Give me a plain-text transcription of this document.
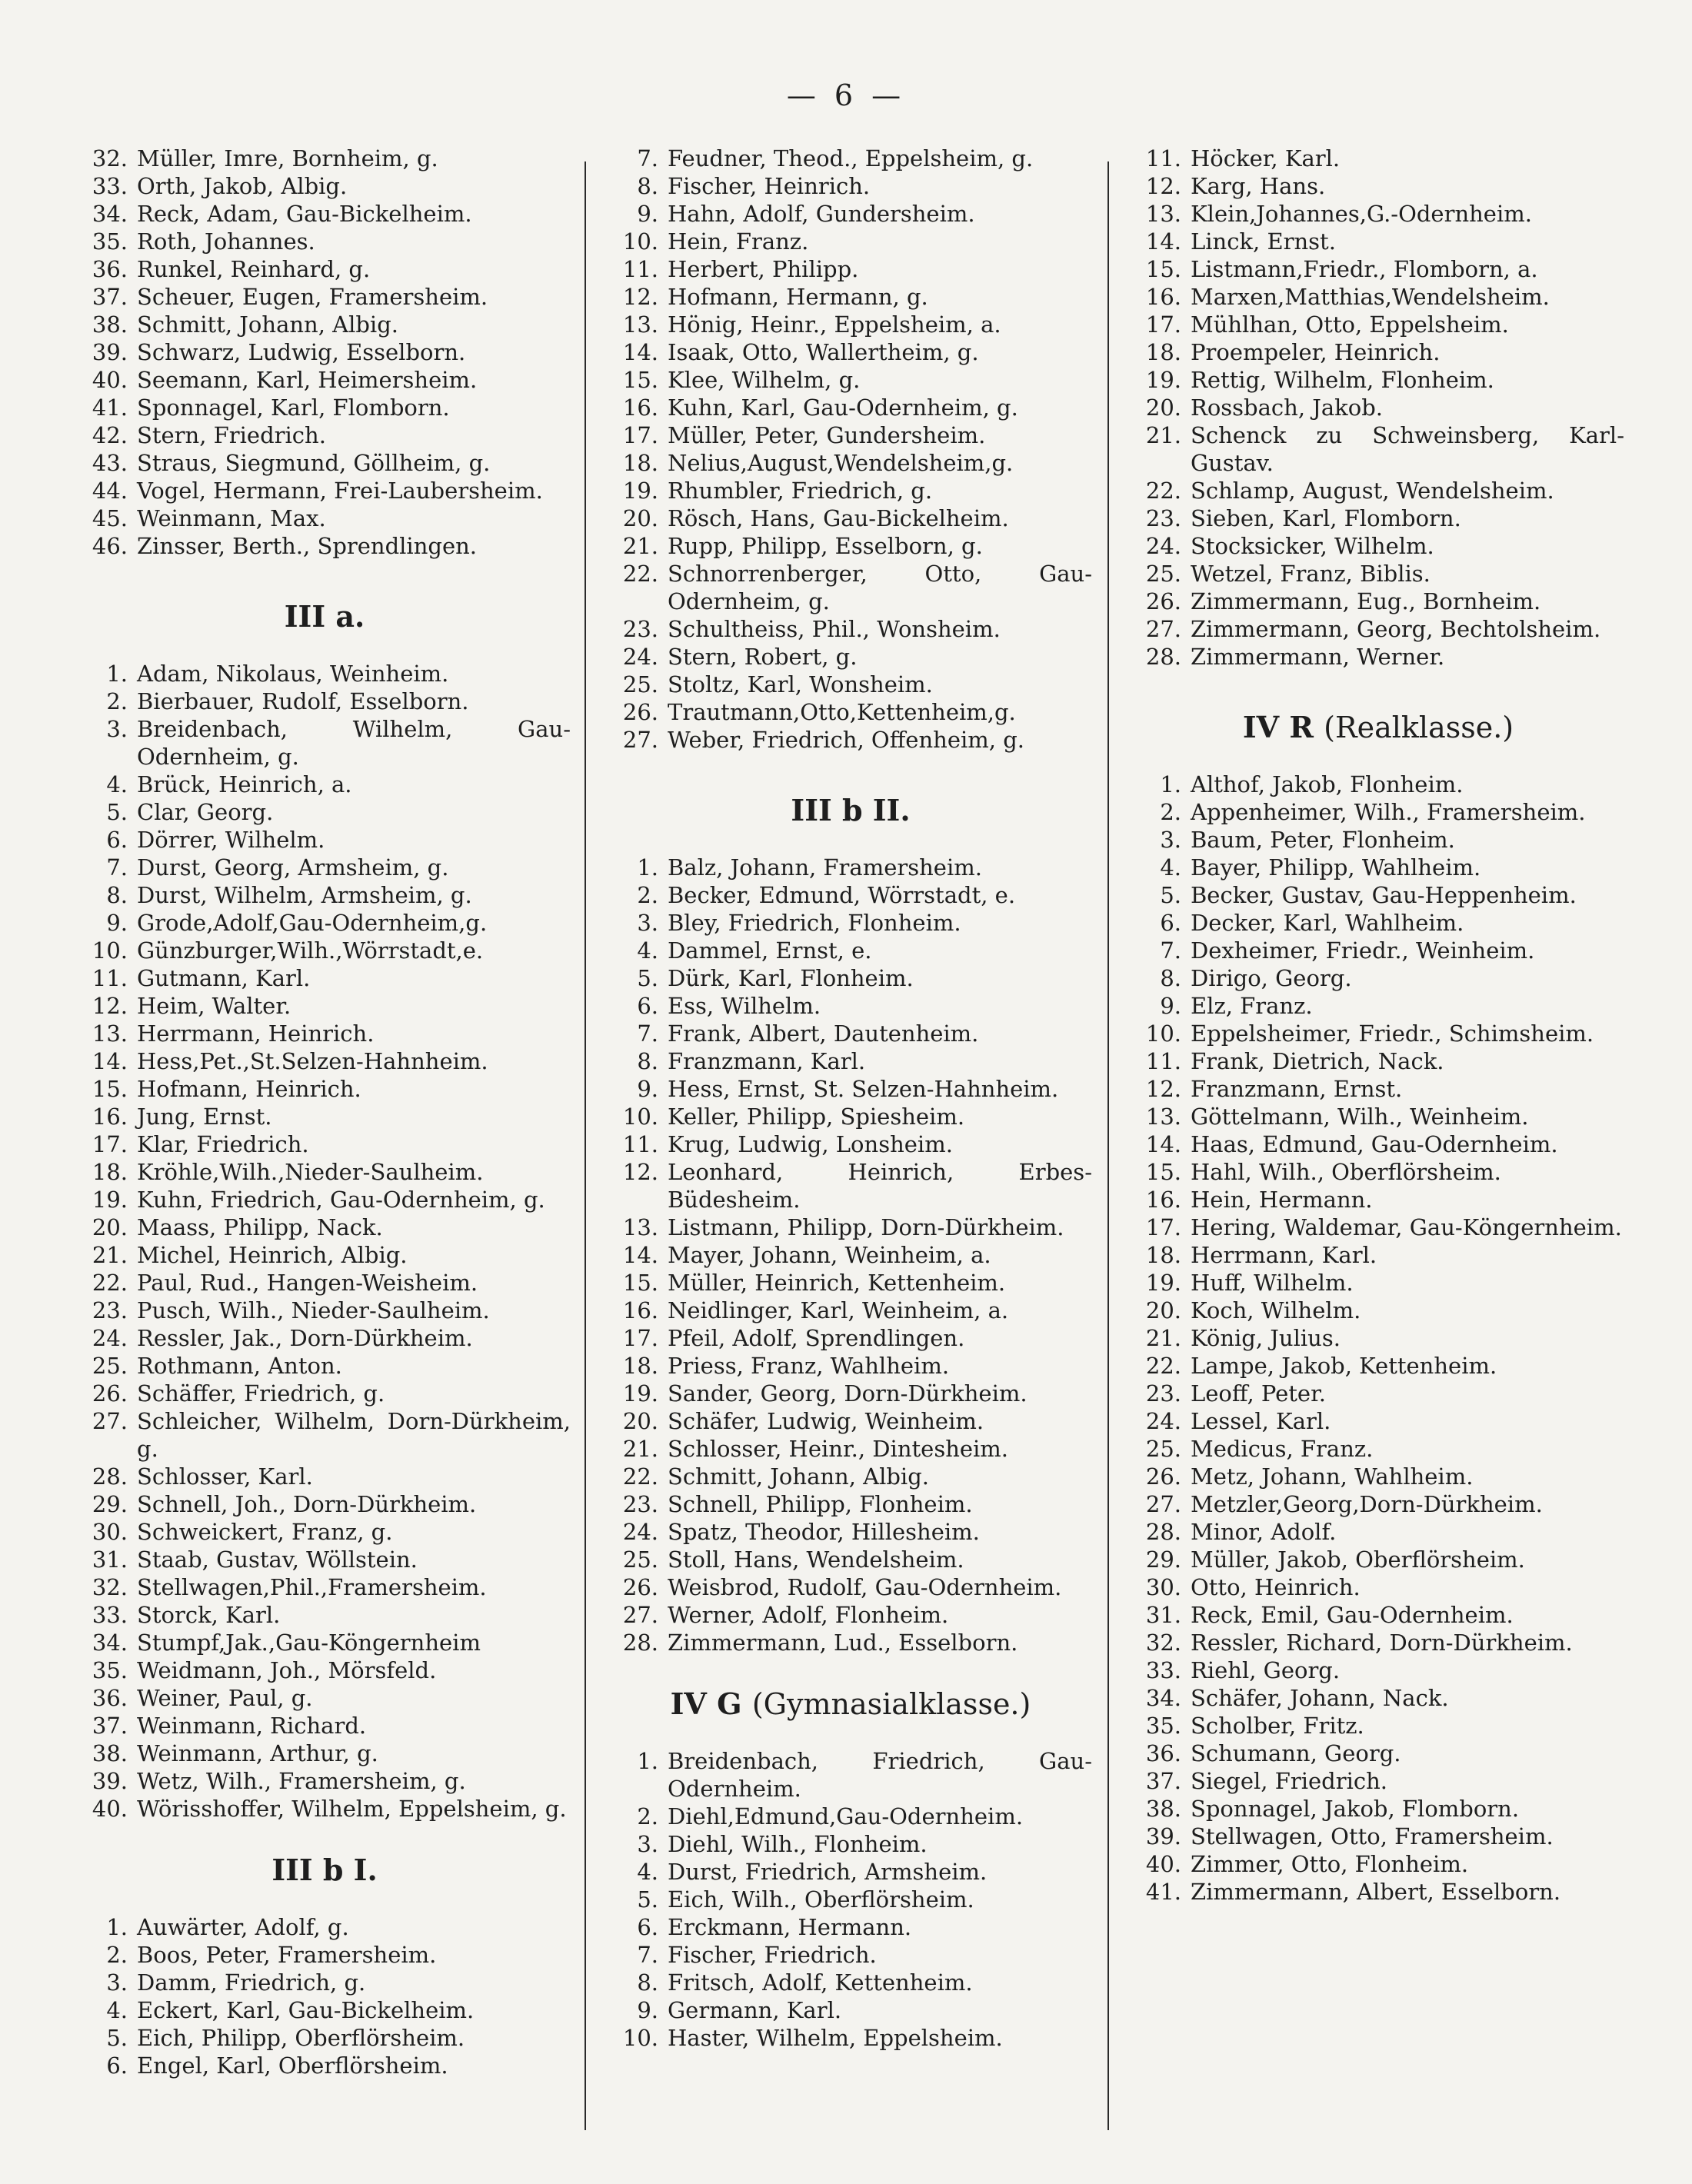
— 6 —
32. Müller, Imre, Bornheim, g.
33. Orth, Jakob, Albig.
34. Reck, Adam, Gau-Bickelheim.
35. Roth, Johannes.
36. Runkel, Reinhard, g.
37. Scheuer, Eugen, Framersheim.
38. Schmitt, Johann, Albig.
39. Schwarz, Ludwig, Esselborn.
40. Seemann, Karl, Heimersheim.
41. Sponnagel, Karl, Flomborn.
42. Stern, Friedrich.
43. Straus, Siegmund, Göllheim, g.
44. Vogel, Hermann, Frei-Laubersheim.
45. Weinmann, Max.
46. Zinsser, Berth., Sprendlingen.
III a.
1. Adam, Nikolaus, Weinheim.
2. Bierbauer, Rudolf, Esselborn.
3. Breidenbach, Wilhelm, Gau-Odernheim, g.
4. Brück, Heinrich, a.
5. Clar, Georg.
6. Dörrer, Wilhelm.
7. Durst, Georg, Armsheim, g.
8. Durst, Wilhelm, Armsheim, g.
9. Grode,Adolf,Gau-Odernheim,g.
10. Günzburger,Wilh.,Wörrstadt,e.
11. Gutmann, Karl.
12. Heim, Walter.
13. Herrmann, Heinrich.
14. Hess,Pet.,St.Selzen-Hahnheim.
15. Hofmann, Heinrich.
16. Jung, Ernst.
17. Klar, Friedrich.
18. Kröhle,Wilh.,Nieder-Saulheim.
19. Kuhn, Friedrich, Gau-Odernheim, g.
20. Maass, Philipp, Nack.
21. Michel, Heinrich, Albig.
22. Paul, Rud., Hangen-Weisheim.
23. Pusch, Wilh., Nieder-Saulheim.
24. Ressler, Jak., Dorn-Dürkheim.
25. Rothmann, Anton.
26. Schäffer, Friedrich, g.
27. Schleicher, Wilhelm, Dorn-Dürkheim, g.
28. Schlosser, Karl.
29. Schnell, Joh., Dorn-Dürkheim.
30. Schweickert, Franz, g.
31. Staab, Gustav, Wöllstein.
32. Stellwagen,Phil.,Framersheim.
33. Storck, Karl.
34. Stumpf,Jak.,Gau-Köngernheim
35. Weidmann, Joh., Mörsfeld.
36. Weiner, Paul, g.
37. Weinmann, Richard.
38. Weinmann, Arthur, g.
39. Wetz, Wilh., Framersheim, g.
40. Wörisshoffer, Wilhelm, Eppelsheim, g.
III b I.
1. Auwärter, Adolf, g.
2. Boos, Peter, Framersheim.
3. Damm, Friedrich, g.
4. Eckert, Karl, Gau-Bickelheim.
5. Eich, Philipp, Oberflörsheim.
6. Engel, Karl, Oberflörsheim.
7. Feudner, Theod., Eppelsheim, g.
8. Fischer, Heinrich.
9. Hahn, Adolf, Gundersheim.
10. Hein, Franz.
11. Herbert, Philipp.
12. Hofmann, Hermann, g.
13. Hönig, Heinr., Eppelsheim, a.
14. Isaak, Otto, Wallertheim, g.
15. Klee, Wilhelm, g.
16. Kuhn, Karl, Gau-Odernheim, g.
17. Müller, Peter, Gundersheim.
18. Nelius,August,Wendelsheim,g.
19. Rhumbler, Friedrich, g.
20. Rösch, Hans, Gau-Bickelheim.
21. Rupp, Philipp, Esselborn, g.
22. Schnorrenberger, Otto, Gau-Odernheim, g.
23. Schultheiss, Phil., Wonsheim.
24. Stern, Robert, g.
25. Stoltz, Karl, Wonsheim.
26. Trautmann,Otto,Kettenheim,g.
27. Weber, Friedrich, Offenheim, g.
III b II.
1. Balz, Johann, Framersheim.
2. Becker, Edmund, Wörrstadt, e.
3. Bley, Friedrich, Flonheim.
4. Dammel, Ernst, e.
5. Dürk, Karl, Flonheim.
6. Ess, Wilhelm.
7. Frank, Albert, Dautenheim.
8. Franzmann, Karl.
9. Hess, Ernst, St. Selzen-Hahnheim.
10. Keller, Philipp, Spiesheim.
11. Krug, Ludwig, Lonsheim.
12. Leonhard, Heinrich, Erbes-Büdesheim.
13. Listmann, Philipp, Dorn-Dürkheim.
14. Mayer, Johann, Weinheim, a.
15. Müller, Heinrich, Kettenheim.
16. Neidlinger, Karl, Weinheim, a.
17. Pfeil, Adolf, Sprendlingen.
18. Priess, Franz, Wahlheim.
19. Sander, Georg, Dorn-Dürkheim.
20. Schäfer, Ludwig, Weinheim.
21. Schlosser, Heinr., Dintesheim.
22. Schmitt, Johann, Albig.
23. Schnell, Philipp, Flonheim.
24. Spatz, Theodor, Hillesheim.
25. Stoll, Hans, Wendelsheim.
26. Weisbrod, Rudolf, Gau-Odernheim.
27. Werner, Adolf, Flonheim.
28. Zimmermann, Lud., Esselborn.
IV G (Gymnasialklasse.)
1. Breidenbach, Friedrich, Gau-Odernheim.
2. Diehl,Edmund,Gau-Odernheim.
3. Diehl, Wilh., Flonheim.
4. Durst, Friedrich, Armsheim.
5. Eich, Wilh., Oberflörsheim.
6. Erckmann, Hermann.
7. Fischer, Friedrich.
8. Fritsch, Adolf, Kettenheim.
9. Germann, Karl.
10. Haster, Wilhelm, Eppelsheim.
11. Höcker, Karl.
12. Karg, Hans.
13. Klein,Johannes,G.-Odernheim.
14. Linck, Ernst.
15. Listmann,Friedr., Flomborn, a.
16. Marxen,Matthias,Wendelsheim.
17. Mühlhan, Otto, Eppelsheim.
18. Proempeler, Heinrich.
19. Rettig, Wilhelm, Flonheim.
20. Rossbach, Jakob.
21. Schenck zu Schweinsberg, Karl-Gustav.
22. Schlamp, August, Wendelsheim.
23. Sieben, Karl, Flomborn.
24. Stocksicker, Wilhelm.
25. Wetzel, Franz, Biblis.
26. Zimmermann, Eug., Bornheim.
27. Zimmermann, Georg, Bechtolsheim.
28. Zimmermann, Werner.
IV R (Realklasse.)
1. Althof, Jakob, Flonheim.
2. Appenheimer, Wilh., Framersheim.
3. Baum, Peter, Flonheim.
4. Bayer, Philipp, Wahlheim.
5. Becker, Gustav, Gau-Heppenheim.
6. Decker, Karl, Wahlheim.
7. Dexheimer, Friedr., Weinheim.
8. Dirigo, Georg.
9. Elz, Franz.
10. Eppelsheimer, Friedr., Schimsheim.
11. Frank, Dietrich, Nack.
12. Franzmann, Ernst.
13. Göttelmann, Wilh., Weinheim.
14. Haas, Edmund, Gau-Odernheim.
15. Hahl, Wilh., Oberflörsheim.
16. Hein, Hermann.
17. Hering, Waldemar, Gau-Köngernheim.
18. Herrmann, Karl.
19. Huff, Wilhelm.
20. Koch, Wilhelm.
21. König, Julius.
22. Lampe, Jakob, Kettenheim.
23. Leoff, Peter.
24. Lessel, Karl.
25. Medicus, Franz.
26. Metz, Johann, Wahlheim.
27. Metzler,Georg,Dorn-Dürkheim.
28. Minor, Adolf.
29. Müller, Jakob, Oberflörsheim.
30. Otto, Heinrich.
31. Reck, Emil, Gau-Odernheim.
32. Ressler, Richard, Dorn-Dürkheim.
33. Riehl, Georg.
34. Schäfer, Johann, Nack.
35. Scholber, Fritz.
36. Schumann, Georg.
37. Siegel, Friedrich.
38. Sponnagel, Jakob, Flomborn.
39. Stellwagen, Otto, Framersheim.
40. Zimmer, Otto, Flonheim.
41. Zimmermann, Albert, Esselborn.
